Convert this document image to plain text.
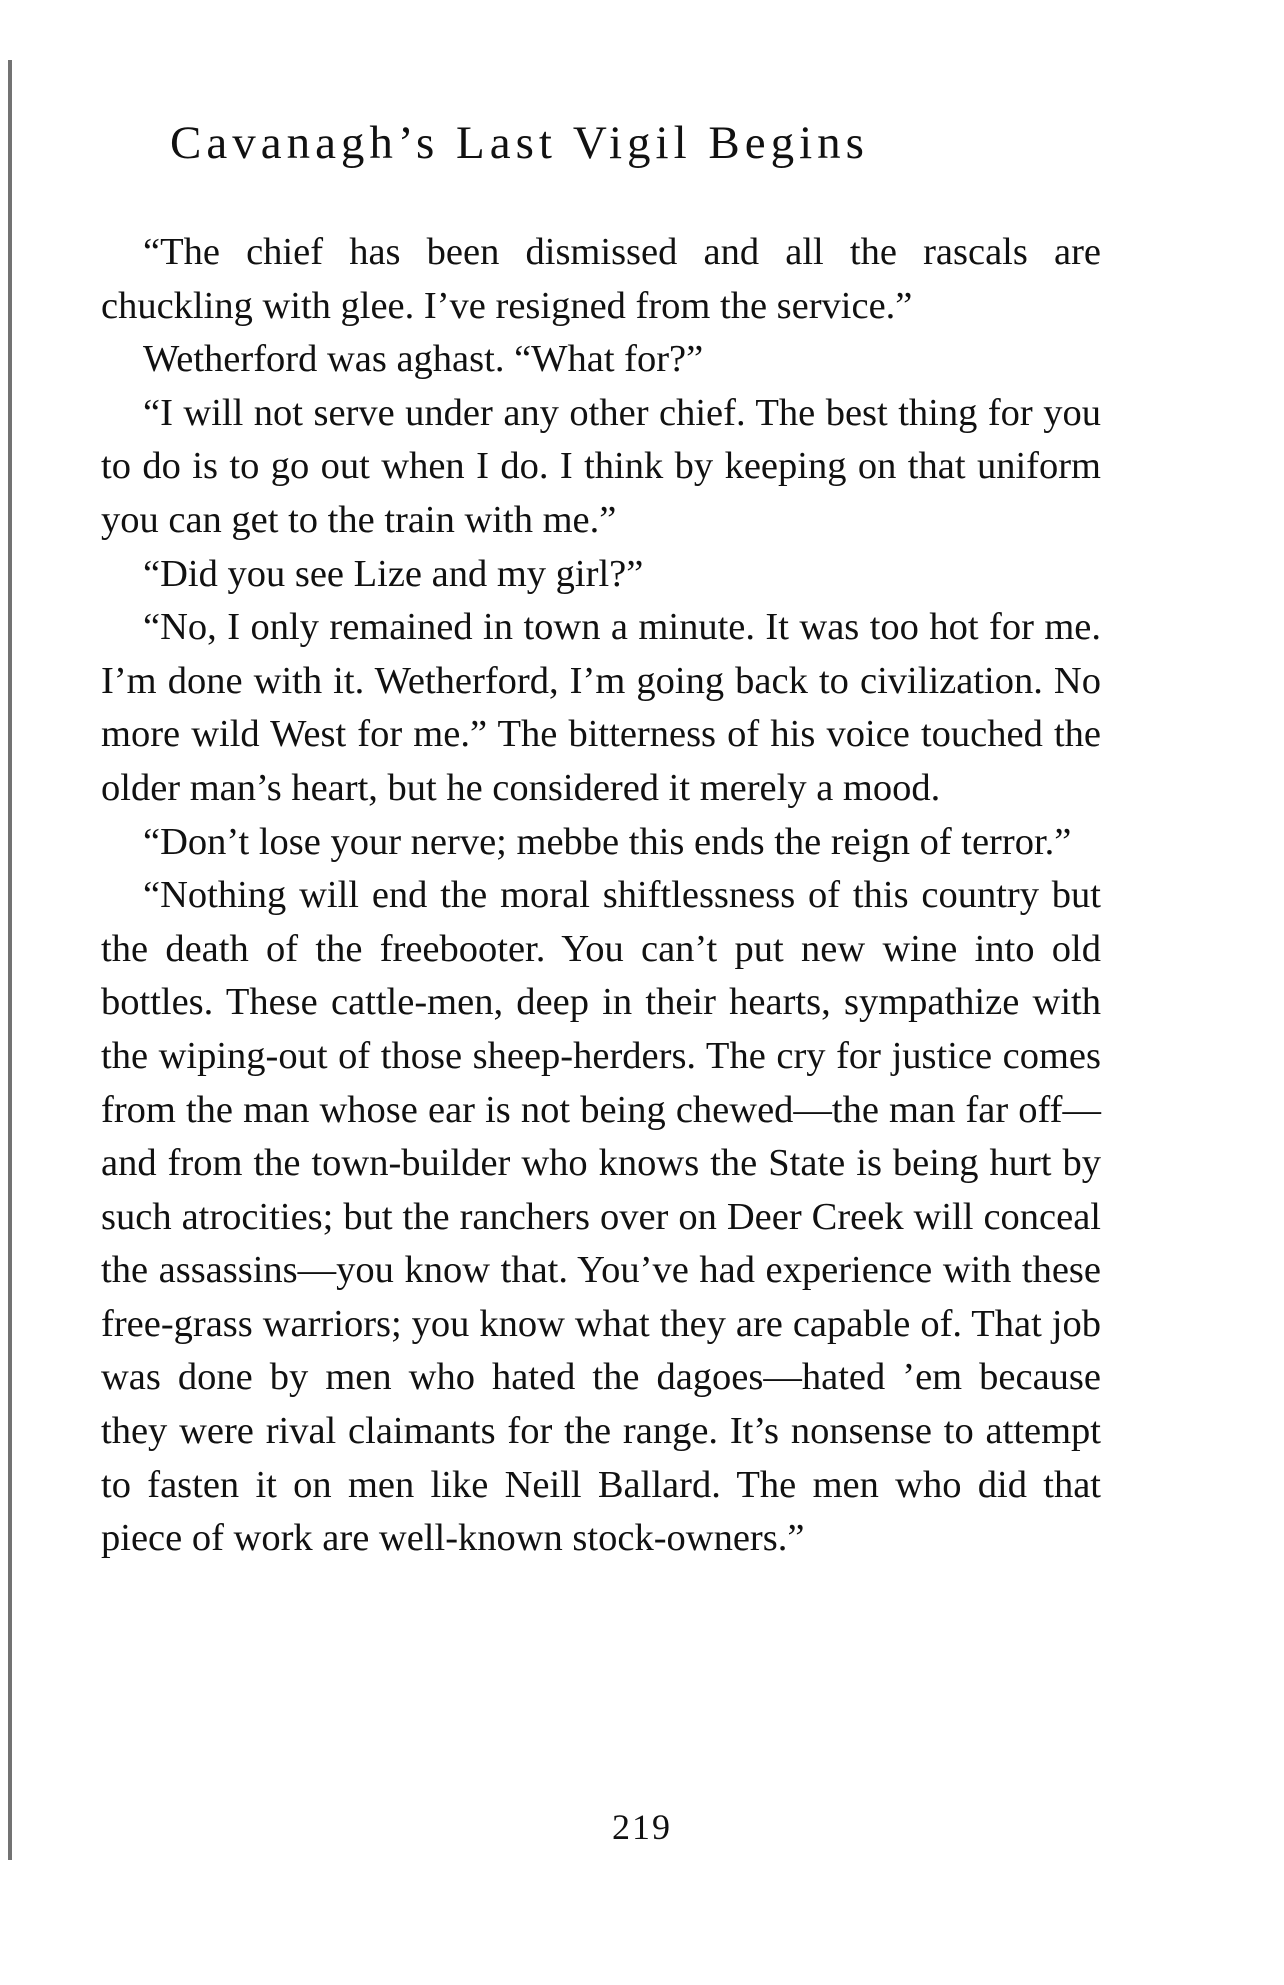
Cavanagh’s Last Vigil Begins

“The chief has been dismissed and all the rascals are chuckling with glee. I’ve resigned from the service.”

Wetherford was aghast. “What for?”

“I will not serve under any other chief. The best thing for you to do is to go out when I do. I think by keeping on that uniform you can get to the train with me.”

“Did you see Lize and my girl?”

“No, I only remained in town a minute. It was too hot for me. I’m done with it. Wetherford, I’m going back to civilization. No more wild West for me.” The bitterness of his voice touched the older man’s heart, but he considered it merely a mood.

“Don’t lose your nerve; mebbe this ends the reign of terror.”

“Nothing will end the moral shiftlessness of this country but the death of the freebooter. You can’t put new wine into old bottles. These cattle-men, deep in their hearts, sympathize with the wiping-out of those sheep-herders. The cry for justice comes from the man whose ear is not being chewed—the man far off—and from the town-builder who knows the State is being hurt by such atrocities; but the ranchers over on Deer Creek will conceal the assassins—you know that. You’ve had experience with these free-grass warriors; you know what they are capable of. That job was done by men who hated the dagoes—hated ’em because they were rival claimants for the range. It’s nonsense to attempt to fasten it on men like Neill Ballard. The men who did that piece of work are well-known stock-owners.”

219
